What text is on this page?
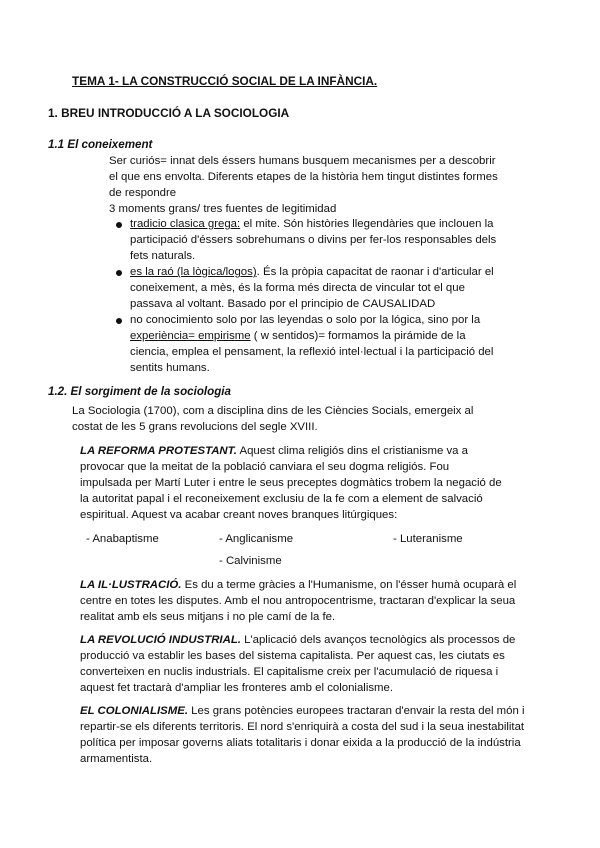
TEMA 1- LA CONSTRUCCIÓ SOCIAL DE LA INFÀNCIA.
1. BREU INTRODUCCIÓ A LA SOCIOLOGIA
1.1 El coneixement
Ser curiós= innat dels éssers humans busquem mecanismes per a descobrir
el que ens envolta. Diferents etapes de la història hem tingut distintes formes
de respondre
3 moments grans/ tres fuentes de legitimidad
tradicio clasica grega: el mite. Són històries llegendàries que inclouen la
participació d'éssers sobrehumans o divins per fer-los responsables dels
fets naturals.
es la raó (la lògica/logos). És la pròpia capacitat de raonar i d'articular el
coneixement, a mès, és la forma més directa de vincular tot el que
passava al voltant. Basado por el principio de CAUSALIDAD
no conocimiento solo por las leyendas o solo por la lógica, sino por la
experiència= empirisme ( w sentidos)= formamos la pirámide de la
ciencia, emplea el pensament, la reflexió intel·lectual i la participació del
sentits humans.
1.2. El sorgiment de la sociologia
La Sociologia (1700), com a disciplina dins de les Ciències Socials, emergeix al
costat de les 5 grans revolucions del segle XVIII.
LA REFORMA PROTESTANT. Aquest clima religiós dins el cristianisme va a
provocar que la meitat de la població canviara el seu dogma religiós. Fou
impulsada per Martí Luter i entre le seus preceptes dogmàtics trobem la negació de
la autoritat papal i el reconeixement exclusiu de la fe com a element de salvació
espiritual. Aquest va acabar creant noves branques litúrgiques:
- Anabaptisme	- Anglicanisme	- Luteranisme
- Calvinisme
LA IL·LUSTRACIÓ. Es du a terme gràcies a l'Humanisme, on l'ésser humà ocuparà el
centre en totes les disputes. Amb el nou antropocentrisme, tractaran d'explicar la seua
realitat amb els seus mitjans i no ple camí de la fe.
LA REVOLUCIÓ INDUSTRIAL. L'aplicació dels avanços tecnològics als processos de
producció va establir les bases del sistema capitalista. Per aquest cas, les ciutats es
converteixen en nuclis industrials. El capitalisme creix per l'acumulació de riquesa i
aquest fet tractarà d'ampliar les fronteres amb el colonialisme.
EL COLONIALISME. Les grans potències europees tractaran d'envair la resta del món i
repartir-se els diferents territoris. El nord s'enriquirà a costa del sud i la seua inestabilitat
política per imposar governs aliats totalitaris i donar eixida a la producció de la indústria
armamentista.
